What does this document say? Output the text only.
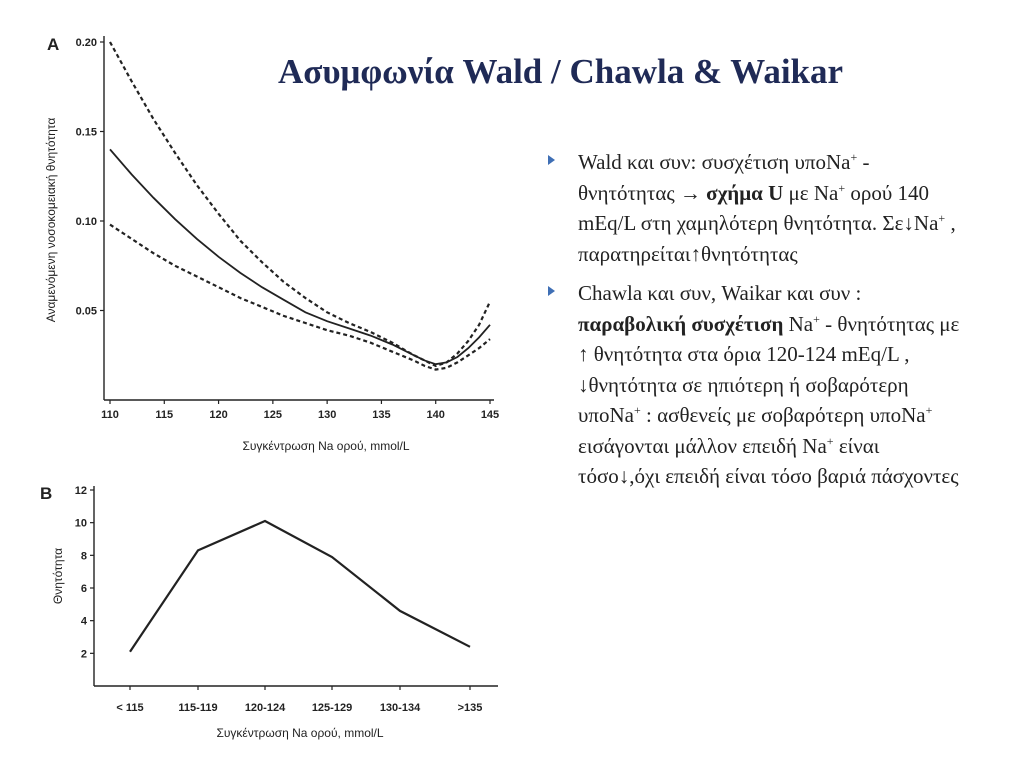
Ασυμφωνία Wald / Chawla & Waikar
Wald και συν: συσχέτιση υποNa+ - θνητότητας → σχήμα U με Na+ ορού 140 mEq/L στη χαμηλότερη θνητότητα. Σε↓Na+ , παρατηρείται↑θνητότητας
Chawla και συν, Waikar και συν : παραβολική συσχέτιση Na+ - θνητότητας με ↑ θνητότητα στα όρια 120-124 mEq/L , ↓θνητότητα σε ηπιότερη ή σοβαρότερη υποNa+ : ασθενείς με σοβαρότερη υποNa+ εισάγονται μάλλον επειδή Na+ είναι τόσο↓,όχι επειδή είναι τόσο βαριά πάσχοντες
A
Συγκέντρωση Na ορού, mmol/L
Αναμενόμενη νοσοκομειακή θνητότητα 0.05
0.10
0.15
0.20
110	115	120	125	130	135	140	145
B
Συγκέντρωση Na ορού, mmol/L
Θνητότητα
2
4
6
8
10
12
< 115	115-119 120-124 125-129	130-134	>135
